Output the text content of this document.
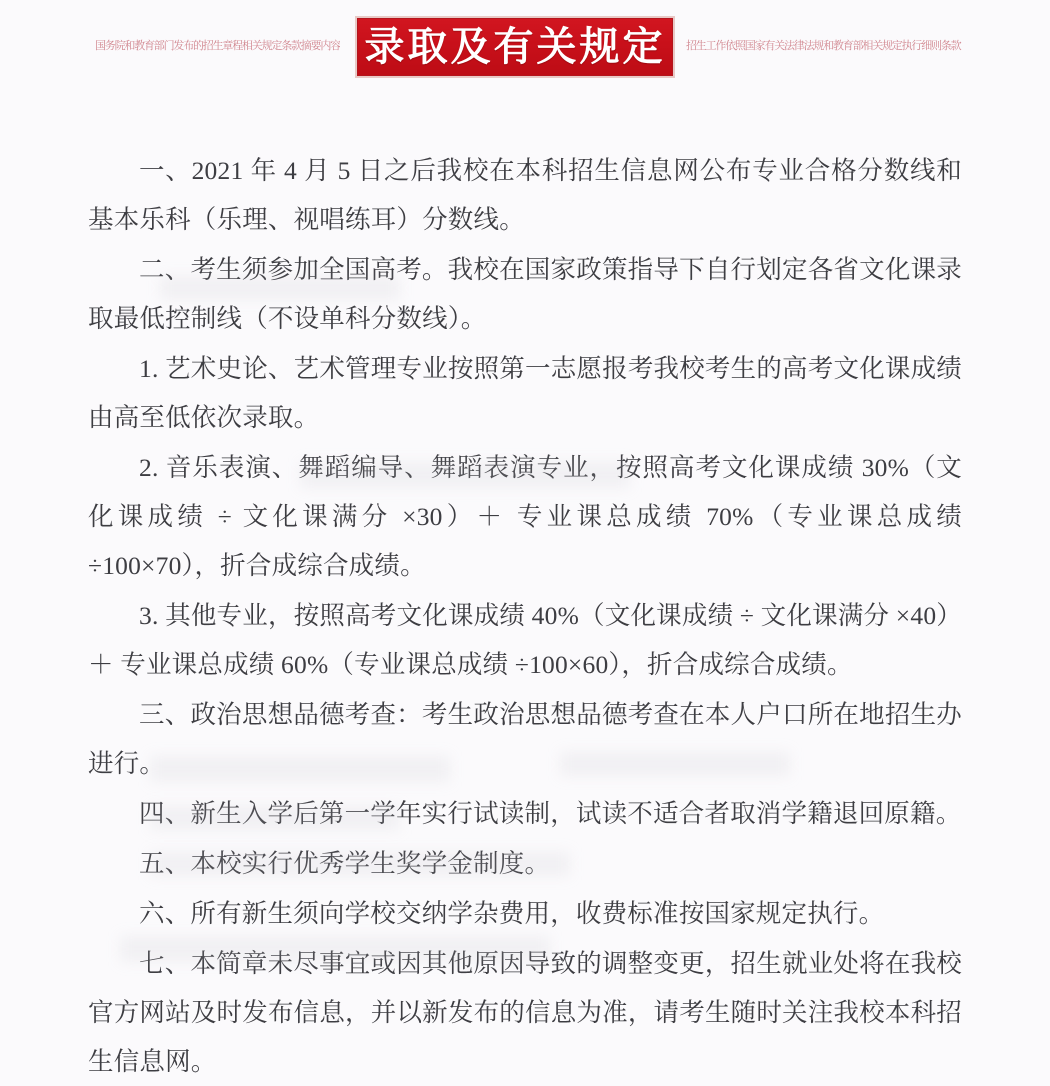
国务院和教育部门发布的招生章程相关规定条款摘要内容 录取及有关规定 招生工作依照国家有关法律法规和教育部相关规定执行细则条款

一、2021 年 4 月 5 日之后我校在本科招生信息网公布专业合格分数线和基本乐科（乐理、视唱练耳）分数线。

二、考生须参加全国高考。我校在国家政策指导下自行划定各省文化课录取最低控制线（不设单科分数线）。

1. 艺术史论、艺术管理专业按照第一志愿报考我校考生的高考文化课成绩由高至低依次录取。

2. 音乐表演、舞蹈编导、舞蹈表演专业，按照高考文化课成绩 30%（文化课成绩 ÷ 文化课满分 ×30）＋ 专业课总成绩 70%（专业课总成绩 ÷100×70），折合成综合成绩。

3. 其他专业，按照高考文化课成绩 40%（文化课成绩 ÷ 文化课满分 ×40）＋ 专业课总成绩 60%（专业课总成绩 ÷100×60），折合成综合成绩。

三、政治思想品德考查：考生政治思想品德考查在本人户口所在地招生办进行。

四、新生入学后第一学年实行试读制，试读不适合者取消学籍退回原籍。

五、本校实行优秀学生奖学金制度。

六、所有新生须向学校交纳学杂费用，收费标准按国家规定执行。

七、本简章未尽事宜或因其他原因导致的调整变更，招生就业处将在我校官方网站及时发布信息，并以新发布的信息为准，请考生随时关注我校本科招生信息网。
